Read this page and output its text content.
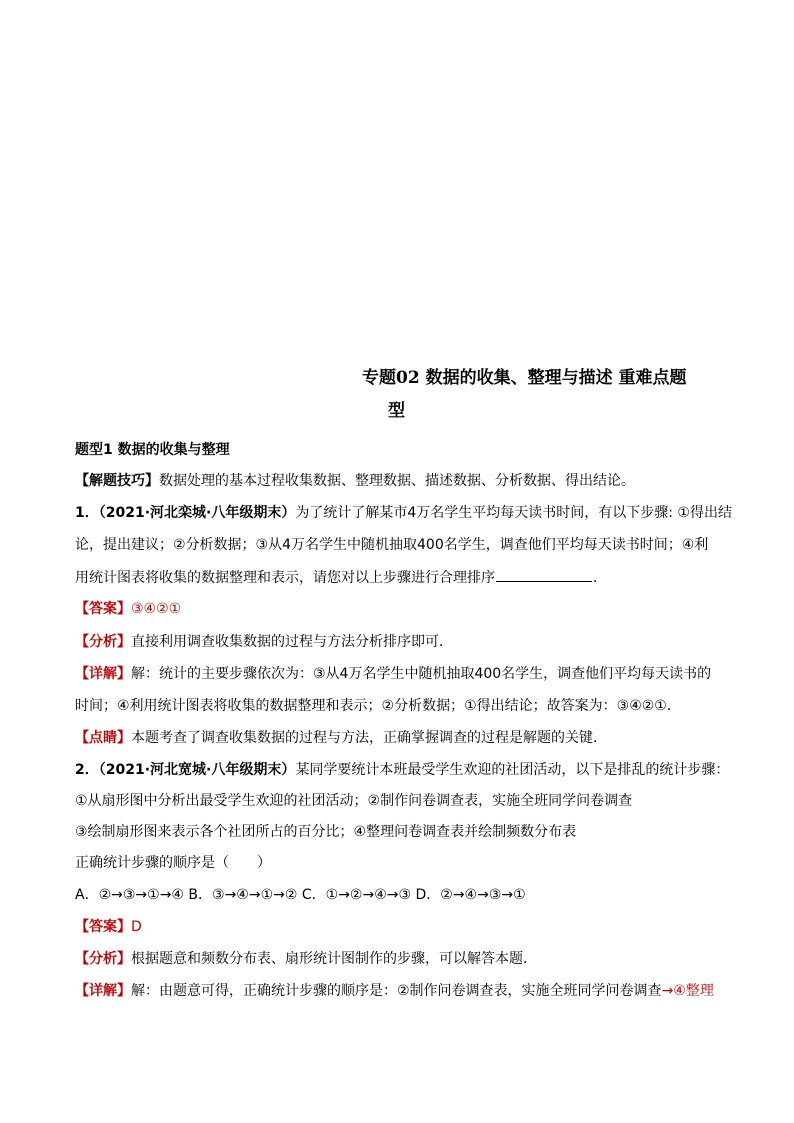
专题02 数据的收集、整理与描述 重难点题
型
题型1 数据的收集与整理
【解题技巧】数据处理的基本过程收集数据、整理数据、描述数据、分析数据、得出结论。
1．（2021·河北栾城·八年级期末）为了统计了解某市4万名学生平均每天读书时间，有以下步骤: ①得出结
论，提出建议；②分析数据；③从4万名学生中随机抽取400名学生，调查他们平均每天读书时间；④利
用统计图表将收集的数据整理和表示，请您对以上步骤进行合理排序	．
【答案】③④②①
【分析】直接利用调查收集数据的过程与方法分析排序即可．
【详解】解：统计的主要步骤依次为：③从4万名学生中随机抽取400名学生，调查他们平均每天读书的
时间；④利用统计图表将收集的数据整理和表示；②分析数据；①得出结论；故答案为：③④②①．
【点睛】本题考查了调查收集数据的过程与方法，正确掌握调查的过程是解题的关键．
2．（2021·河北宽城·八年级期末）某同学要统计本班最受学生欢迎的社团活动，以下是排乱的统计步骤：
①从扇形图中分析出最受学生欢迎的社团活动；②制作问卷调查表，实施全班同学问卷调查
③绘制扇形图来表示各个社团所占的百分比；④整理问卷调查表并绘制频数分布表
正确统计步骤的顺序是（　　）
A．②→③→①→④ B．③→④→①→② C．①→②→④→③ D．②→④→③→①
【答案】D
【分析】根据题意和频数分布表、扇形统计图制作的步骤，可以解答本题．
【详解】解：由题意可得，正确统计步骤的顺序是：②制作问卷调查表，实施全班同学问卷调查→④整理
